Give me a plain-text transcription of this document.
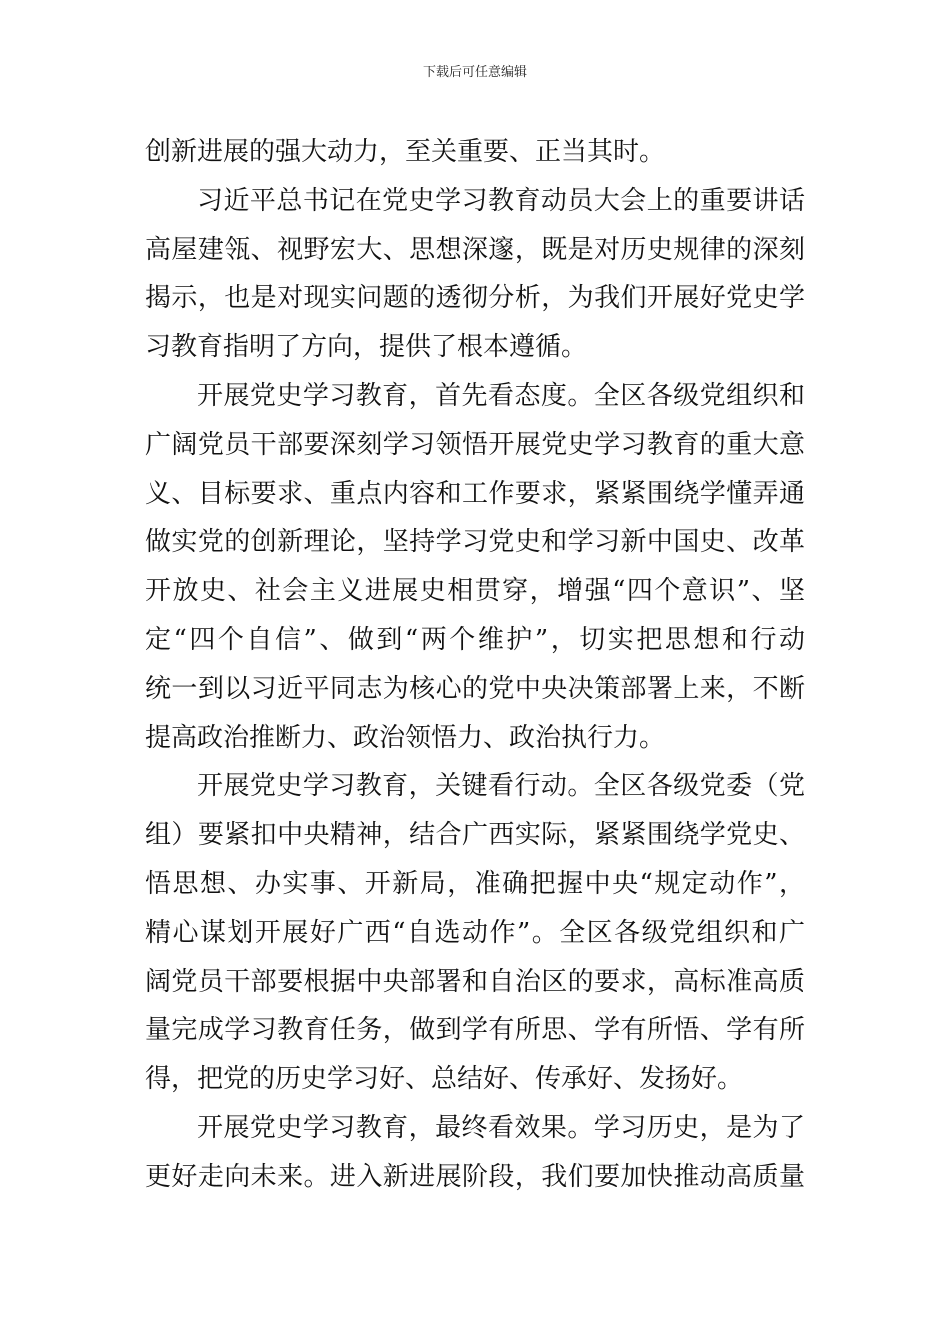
下载后可任意编辑
创新进展的强大动力，至关重要、正当其时。
习近平总书记在党史学习教育动员大会上的重要讲话
高屋建瓴、视野宏大、思想深邃，既是对历史规律的深刻
揭示，也是对现实问题的透彻分析，为我们开展好党史学
习教育指明了方向，提供了根本遵循。
开展党史学习教育，首先看态度。全区各级党组织和
广阔党员干部要深刻学习领悟开展党史学习教育的重大意
义、目标要求、重点内容和工作要求，紧紧围绕学懂弄通
做实党的创新理论，坚持学习党史和学习新中国史、改革
开放史、社会主义进展史相贯穿，增强“四个意识”、坚
定“四个自信”、做到“两个维护”，切实把思想和行动
统一到以习近平同志为核心的党中央决策部署上来，不断
提高政治推断力、政治领悟力、政治执行力。
开展党史学习教育，关键看行动。全区各级党委（党
组）要紧扣中央精神，结合广西实际，紧紧围绕学党史、
悟思想、办实事、开新局，准确把握中央“规定动作”，
精心谋划开展好广西“自选动作”。全区各级党组织和广
阔党员干部要根据中央部署和自治区的要求，高标准高质
量完成学习教育任务，做到学有所思、学有所悟、学有所
得，把党的历史学习好、总结好、传承好、发扬好。
开展党史学习教育，最终看效果。学习历史，是为了
更好走向未来。进入新进展阶段，我们要加快推动高质量
